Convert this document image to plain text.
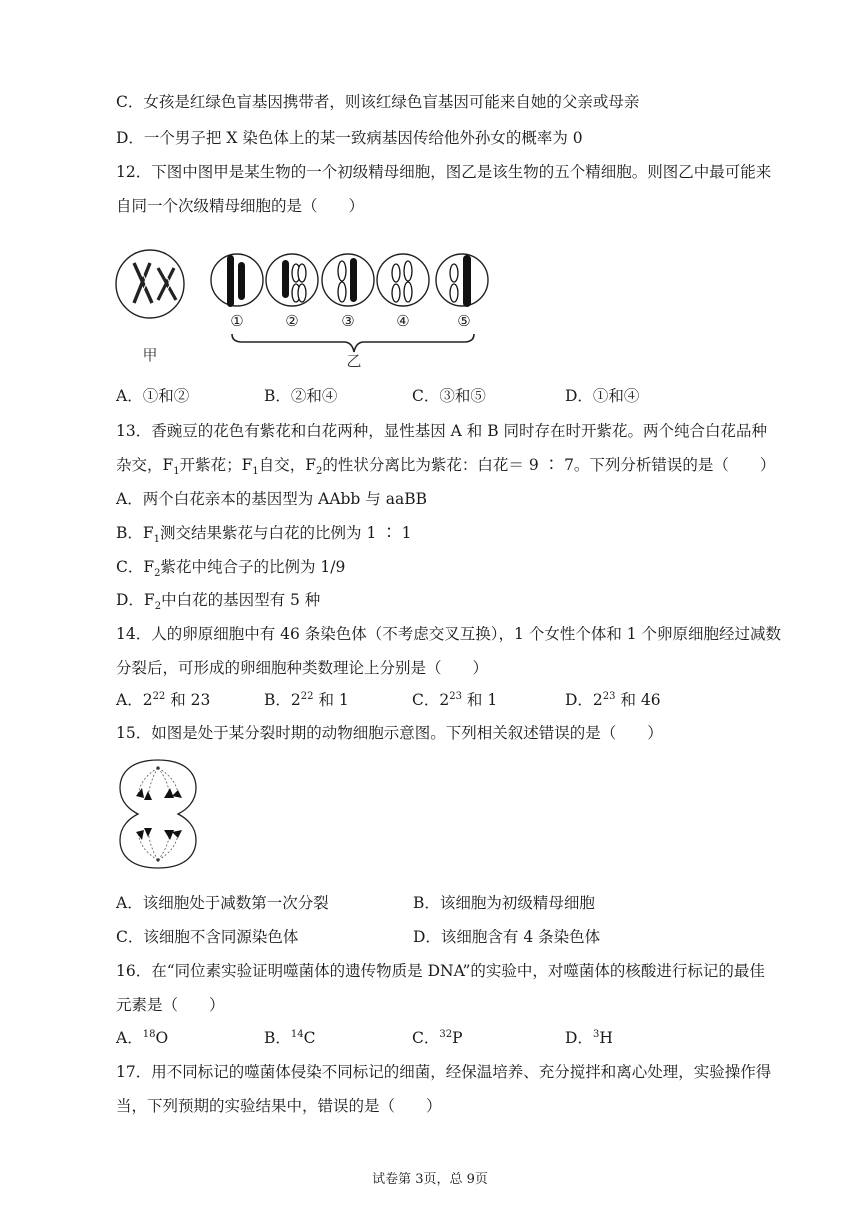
C．女孩是红绿色盲基因携带者，则该红绿色盲基因可能来自她的父亲或母亲
D．一个男子把 X 染色体上的某一致病基因传给他外孙女的概率为 0
12．下图中图甲是某生物的一个初级精母细胞，图乙是该生物的五个精细胞。则图乙中最可能来
自同一个次级精母细胞的是（　　）
①	②	③	④	⑤
甲	乙
A．①和②	B．②和④	C．③和⑤	D．①和④
13．香豌豆的花色有紫花和白花两种，显性基因 A 和 B 同时存在时开紫花。两个纯合白花品种
杂交，$F_1$开紫花；$F_1$自交，$F_2$的性状分离比为紫花：白花＝ 9 ∶ 7。下列分析错误的是（　　）
A．两个白花亲本的基因型为 AAbb 与 aaBB
B．$F_1$测交结果紫花与白花的比例为 1 ∶ 1
C．$F_2$紫花中纯合子的比例为 1/9
D．$F_2$中白花的基因型有 5 种
14．人的卵原细胞中有 46 条染色体（不考虑交叉互换），1 个女性个体和 1 个卵原细胞经过减数
分裂后，可形成的卵细胞种类数理论上分别是（　　）
A．$2^{22}$ 和 23	B．$2^{22}$ 和 1	C．$2^{23}$ 和 1	D．$2^{23}$ 和 46
15．如图是处于某分裂时期的动物细胞示意图。下列相关叙述错误的是（　　）
A．该细胞处于减数第一次分裂	B．该细胞为初级精母细胞
C．该细胞不含同源染色体	D．该细胞含有 4 条染色体
16．在“同位素实验证明噬菌体的遗传物质是 DNA”的实验中，对噬菌体的核酸进行标记的最佳
元素是（　　）
A．$^{18}$O	B．$^{14}$C	C．$^{32}$P	D．$^3$H
17．用不同标记的噬菌体侵染不同标记的细菌，经保温培养、充分搅拌和离心处理，实验操作得
当，下列预期的实验结果中，错误的是（　　）
试卷第 3页，总 9页
